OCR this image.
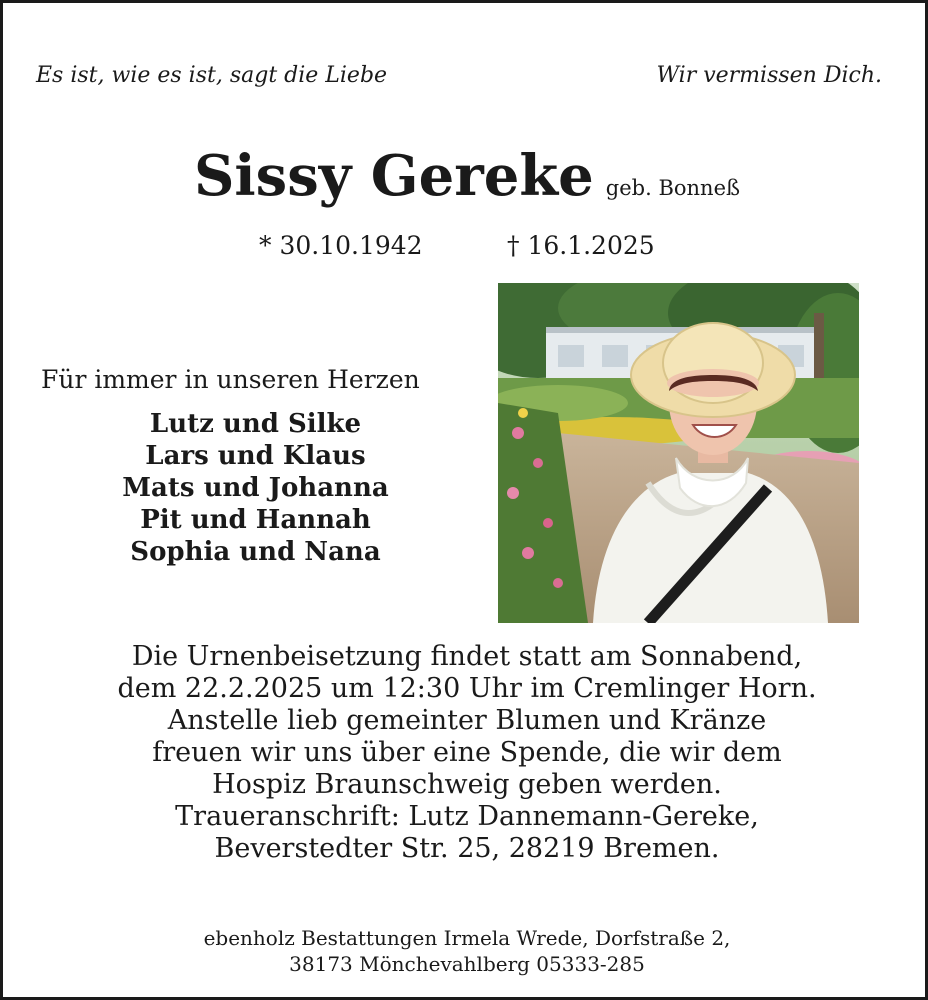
Es ist, wie es ist, sagt die Liebe	Wir vermissen Dich.
Sissy Gereke geb. Bonneß
* 30.10.1942	† 16.1.2025
Für immer in unseren Herzen
Lutz und Silke
Lars und Klaus
Mats und Johanna
Pit und Hannah
Sophia und Nana
Die Urnenbeisetzung findet statt am Sonnabend,
dem 22.2.2025 um 12:30 Uhr im Cremlinger Horn.
Anstelle lieb gemeinter Blumen und Kränze
freuen wir uns über eine Spende, die wir dem
Hospiz Braunschweig geben werden.
Traueranschrift: Lutz Dannemann-Gereke,
Beverstedter Str. 25, 28219 Bremen.
ebenholz Bestattungen Irmela Wrede, Dorfstraße 2,
38173 Mönchevahlberg 05333-285
